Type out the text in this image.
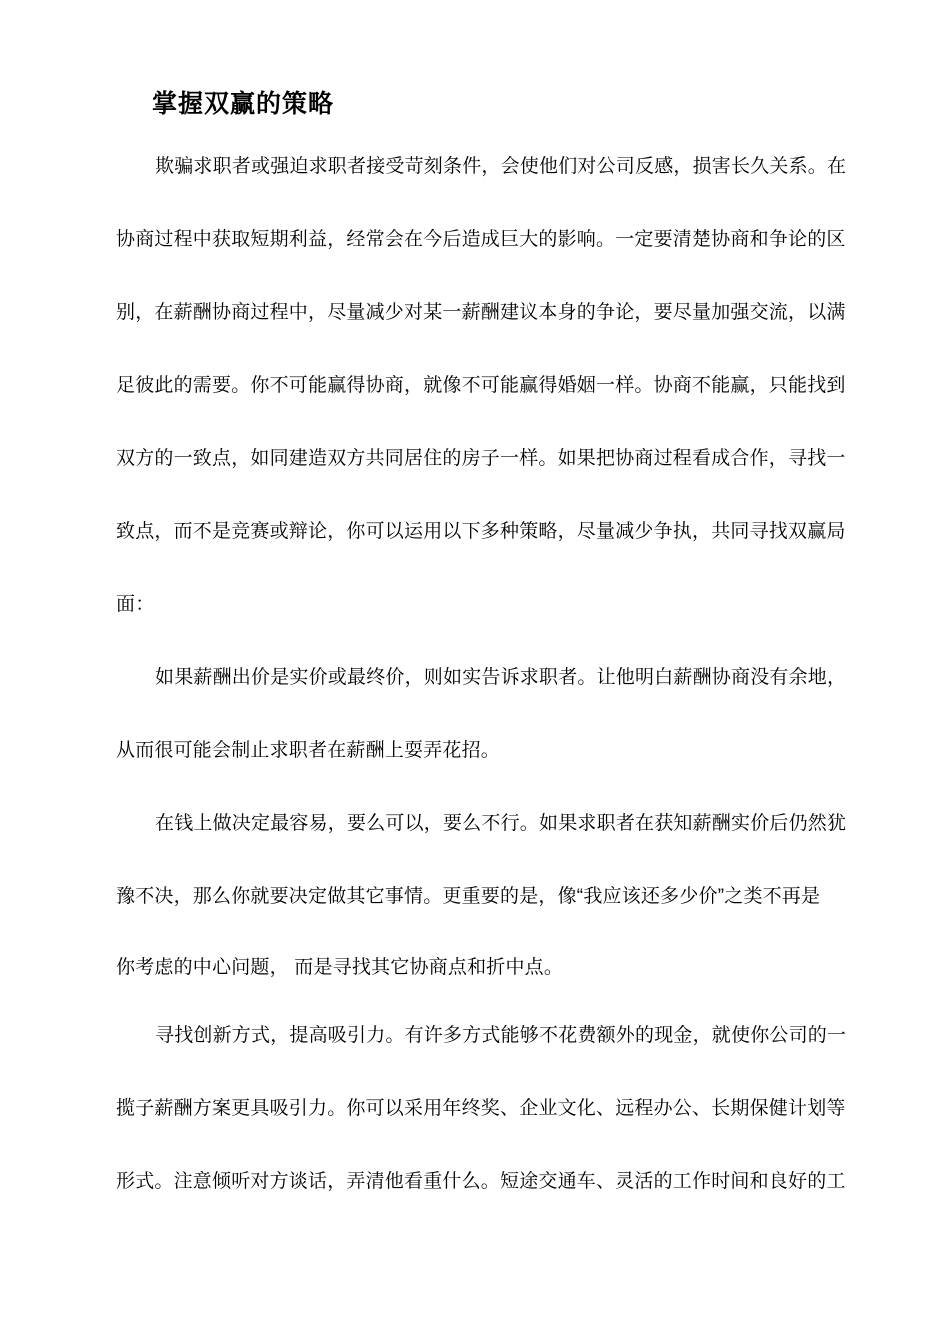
掌握双赢的策略
欺骗求职者或强迫求职者接受苛刻条件，会使他们对公司反感，损害长久关系。在
协商过程中获取短期利益，经常会在今后造成巨大的影响。一定要清楚协商和争论的区
别，在薪酬协商过程中，尽量减少对某一薪酬建议本身的争论，要尽量加强交流，以满
足彼此的需要。你不可能赢得协商，就像不可能赢得婚姻一样。协商不能赢，只能找到
双方的一致点，如同建造双方共同居住的房子一样。如果把协商过程看成合作，寻找一
致点，而不是竞赛或辩论，你可以运用以下多种策略，尽量减少争执，共同寻找双赢局
面：
如果薪酬出价是实价或最终价，则如实告诉求职者。让他明白薪酬协商没有余地，
从而很可能会制止求职者在薪酬上耍弄花招。
在钱上做决定最容易，要么可以，要么不行。如果求职者在获知薪酬实价后仍然犹
豫不决，那么你就要决定做其它事情。更重要的是，像“我应该还多少价”之类不再是
你考虑的中心问题， 而是寻找其它协商点和折中点。
寻找创新方式，提高吸引力。有许多方式能够不花费额外的现金，就使你公司的一
揽子薪酬方案更具吸引力。你可以采用年终奖、企业文化、远程办公、长期保健计划等
形式。注意倾听对方谈话，弄清他看重什么。短途交通车、灵活的工作时间和良好的工
